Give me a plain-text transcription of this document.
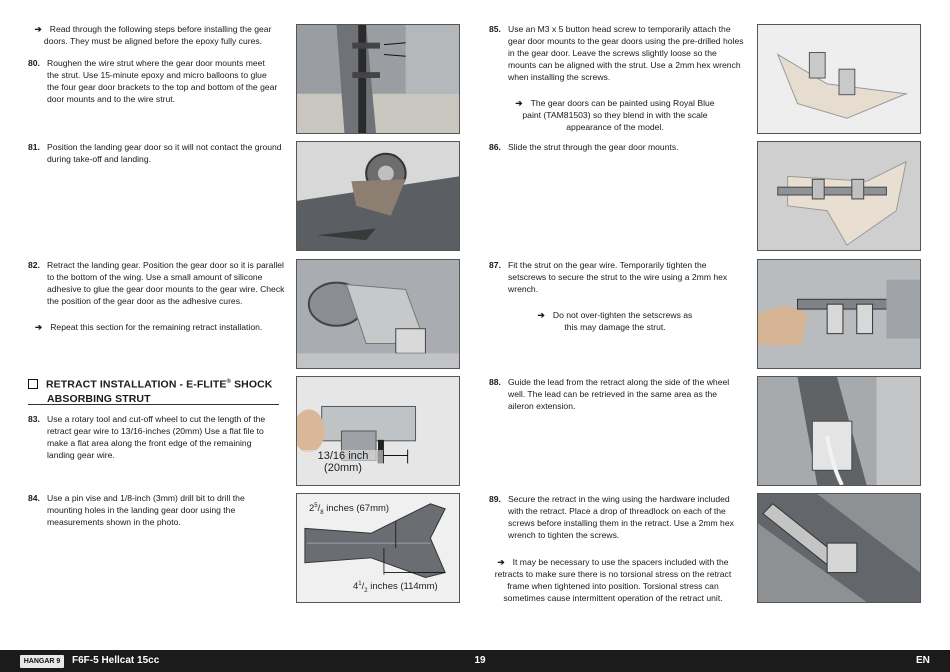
➔ Read through the following steps before installing the gear doors. They must be aligned before the epoxy fully cures.
80. Roughen the wire strut where the gear door mounts meet the strut. Use 15-minute epoxy and micro balloons to glue the four gear door brackets to the top and bottom of the gear door mounts and to the wire strut.
81. Position the landing gear door so it will not contact the ground during take-off and landing.
82. Retract the landing gear. Position the gear door so it is parallel to the bottom of the wing. Use a small amount of silicone adhesive to glue the gear door mounts to the gear wire. Check the position of the gear door as the adhesive cures.
➔ Repeat this section for the remaining retract installation.
RETRACT INSTALLATION - E-FLITE® SHOCK
ABSORBING STRUT
83. Use a rotary tool and cut-off wheel to cut the length of the retract gear wire to 13/16-inches (20mm) Use a flat file to make a flat area along the front edge of the remaining landing gear wire.
84. Use a pin vise and 1/8-inch (3mm) drill bit to drill the mounting holes in the landing gear door using the measurements shown in the photo.
13/16 inch
(20mm)
$2^5/_8$ inches (67mm)
$4^1/_2$ inches (114mm)
85. Use an M3 x 5 button head screw to temporarily attach the gear door mounts to the gear doors using the pre-drilled holes in the gear door. Leave the screws slightly loose so the mounts can be aligned with the strut. Use a 2mm hex wrench when installing the screws.
➔ The gear doors can be painted using Royal Blue paint (TAM81503) so they blend in with the scale appearance of the model.
86. Slide the strut through the gear door mounts.
87. Fit the strut on the gear wire. Temporarily tighten the setscrews to secure the strut to the wire using a 2mm hex wrench.
➔ Do not over-tighten the setscrews as this may damage the strut.
88. Guide the lead from the retract along the side of the wheel well. The lead can be retrieved in the same area as the aileron extension.
89. Secure the retract in the wing using the hardware included with the retract. Place a drop of threadlock on each of the screws before installing them in the retract. Use a 2mm hex wrench to tighten the screws.
➔ It may be necessary to use the spacers included with the retracts to make sure there is no torsional stress on the retract frame when tightened into position. Torsional stress can sometimes cause intermittent operation of the retract unit.
HANGAR 9	F6F-5 Hellcat 15cc	19	EN
